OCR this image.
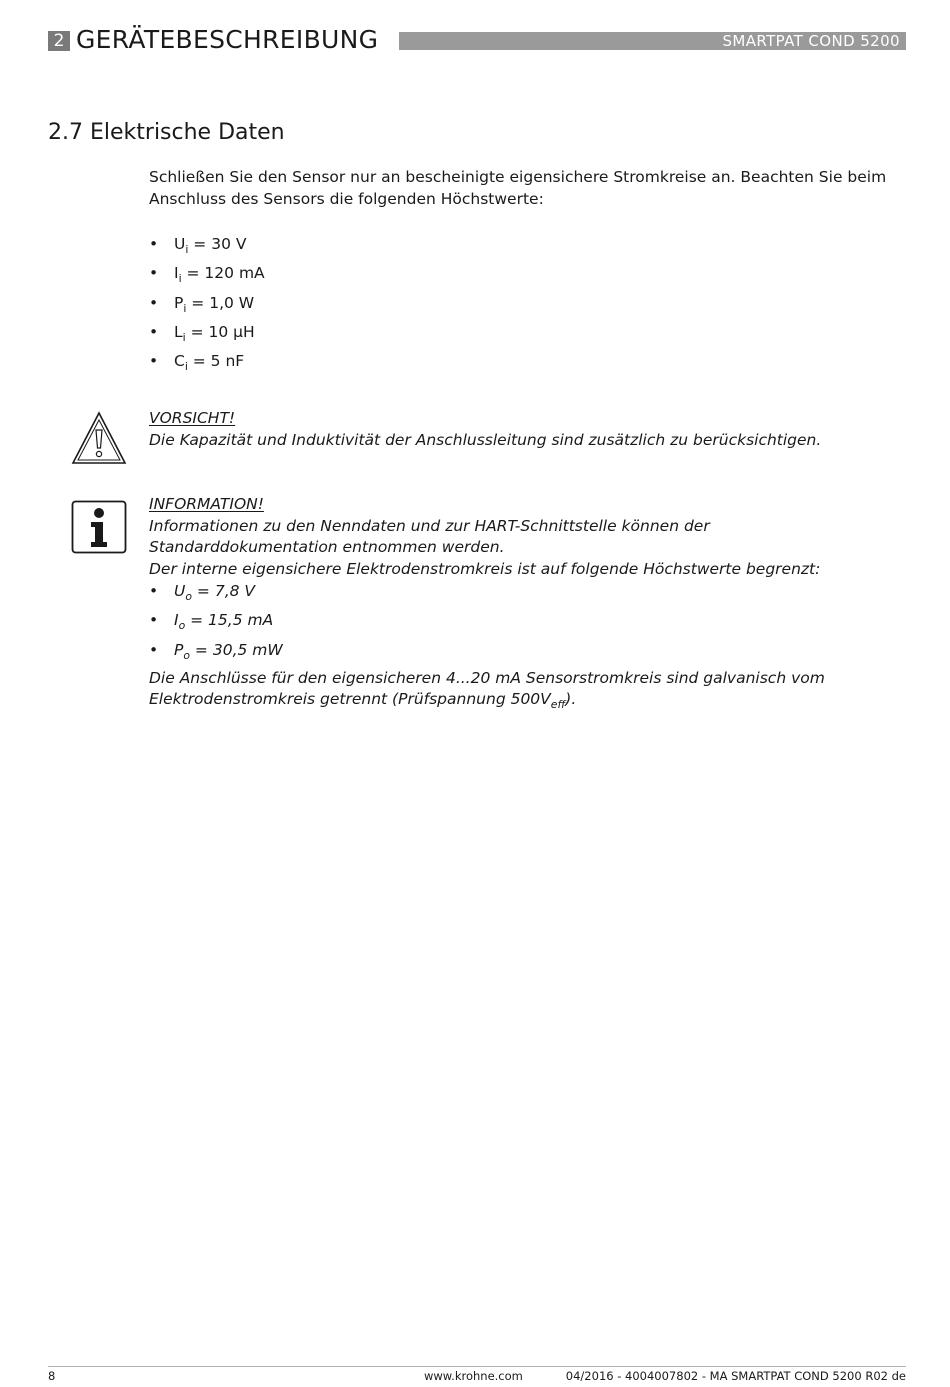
2 GERÄTEBESCHREIBUNG	SMARTPAT COND 5200
2.7 Elektrische Daten
Schließen Sie den Sensor nur an bescheinigte eigensichere Stromkreise an. Beachten Sie beim Anschluss des Sensors die folgenden Höchstwerte:
• $U_i = 30$ V
• $I_i = 120$ mA
• $P_i = 1,0$ W
• $L_i = 10$ µH
• $C_i = 5$ nF
VORSICHT!
Die Kapazität und Induktivität der Anschlussleitung sind zusätzlich zu berücksichtigen.
INFORMATION!
Informationen zu den Nenndaten und zur HART-Schnittstelle können der
Standarddokumentation entnommen werden.
Der interne eigensichere Elektrodenstromkreis ist auf folgende Höchstwerte begrenzt:
• $U_o = 7,8$ V
• $I_o = 15,5$ mA
• $P_o = 30,5$ mW
Die Anschlüsse für den eigensicheren 4...20 mA Sensorstromkreis sind galvanisch vom
Elektrodenstromkreis getrennt (Prüfspannung $500V_{eff}$).
8	www.krohne.com	04/2016 - 4004007802 - MA SMARTPAT COND 5200 R02 de
